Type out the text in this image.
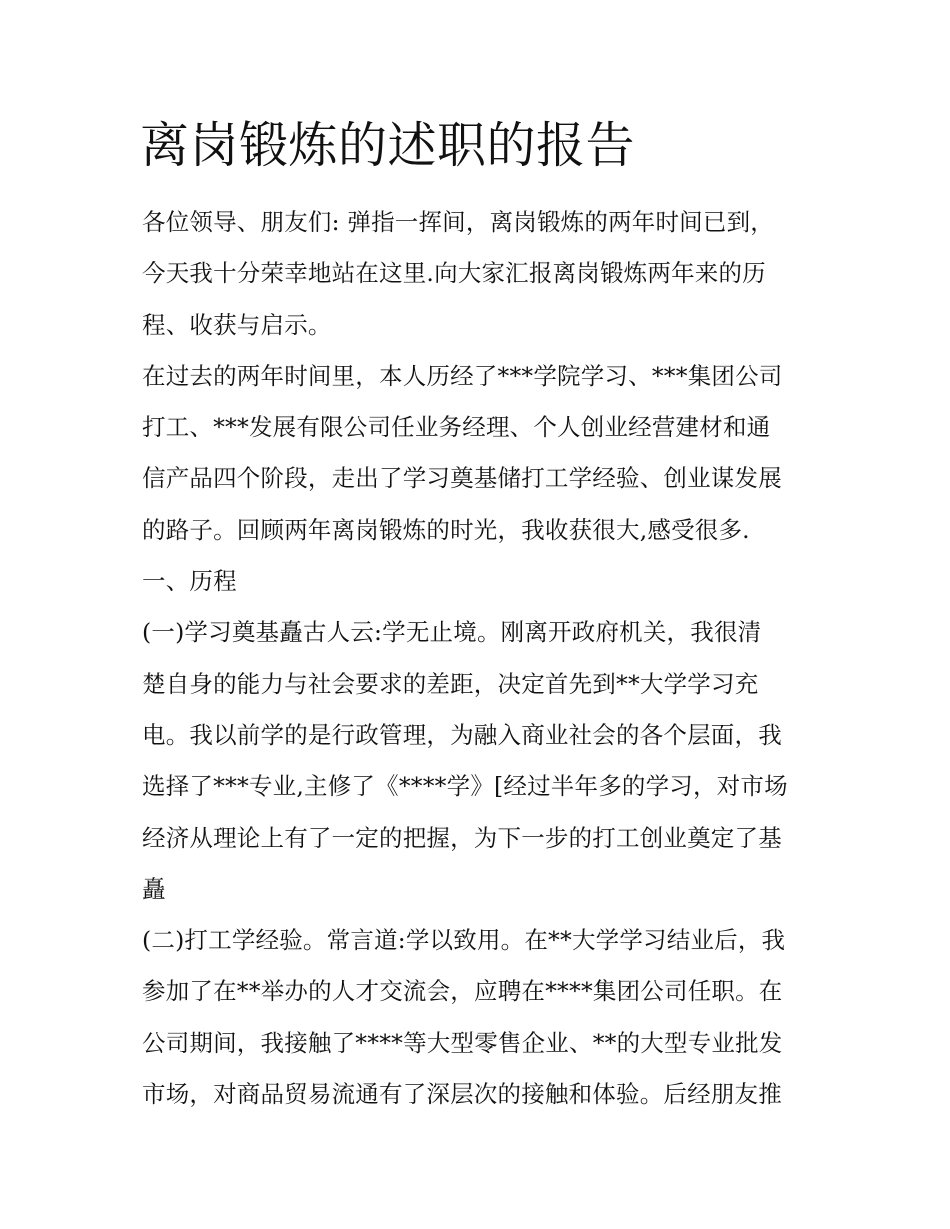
离岗锻炼的述职的报告
各位领导、朋友们: 弹指一挥间，离岗锻炼的两年时间已到，
今天我十分荣幸地站在这里.向大家汇报离岗锻炼两年来的历
程、收获与启示。
在过去的两年时间里，本人历经了***学院学习、***集团公司
打工、***发展有限公司任业务经理、个人创业经营建材和通
信产品四个阶段，走出了学习奠基储打工学经验、创业谋发展
的路子。回顾两年离岗锻炼的时光，我收获很大,感受很多.
一、历程
(一)学习奠基矗古人云:学无止境。刚离开政府机关，我很清
楚自身的能力与社会要求的差距，决定首先到**大学学习充
电。我以前学的是行政管理，为融入商业社会的各个层面，我
选择了***专业,主修了《****学》[经过半年多的学习，对市场
经济从理论上有了一定的把握，为下一步的打工创业奠定了基
矗
(二)打工学经验。常言道:学以致用。在**大学学习结业后，我
参加了在**举办的人才交流会，应聘在****集团公司任职。在
公司期间，我接触了****等大型零售企业、**的大型专业批发
市场，对商品贸易流通有了深层次的接触和体验。后经朋友推
